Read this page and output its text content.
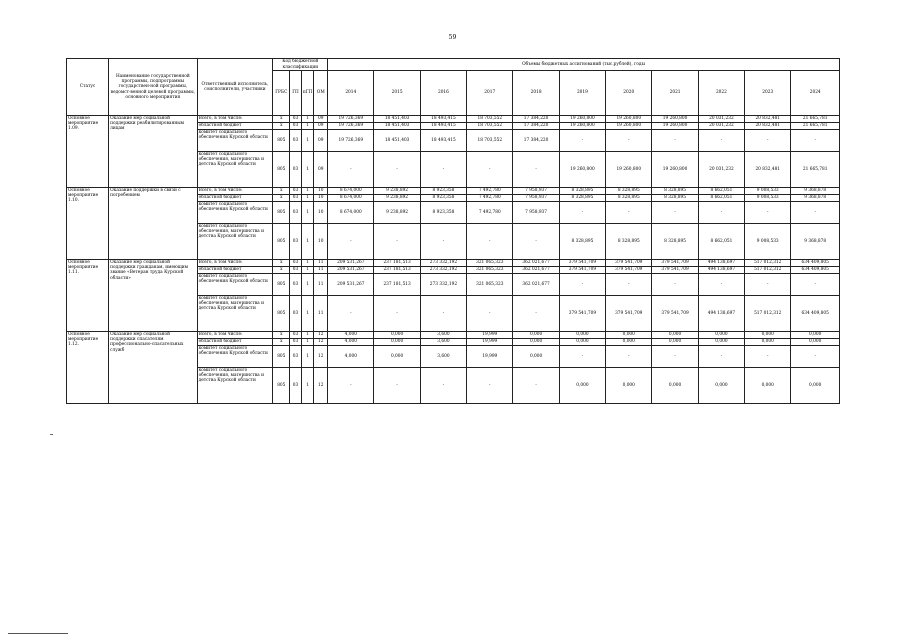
59
Статус	Наименование государственной программы, подпрограммы государствен-ной программы, ведомст-венной целевой программы, основного мероприятия	Ответственный исполнитель, соисполнители, участники	Код бюджетной классификации				Объемы бюджетных ассигнований (тыс.рублей), годы										
			ГРБС	ГП	пГП	ОМ	2014	2015	2016	2017	2018	2019	2020	2021	2022	2023	2024
Основное мероприятие 1.09.	Оказание мер социальной поддержки реабилитированным лицам	Всего, в том числе:	х	03	1	09	19 726,369	18 451,403	18 493,415	18 703,552	17 384,220	19 260,800	19 260,800	19 260,800	20 031,232	20 832,481	21 665,781
		областной бюджет	х	03	1	09	19 726,369	18 451,403	18 493,415	18 703,552	17 384,220	19 260,800	19 260,800	19 260,800	20 031,232	20 832,481	21 665,781
		комитет социального обеспечения Курской области	805	03	1	09	19 726,369	18 451,403	18 493,415	18 703,552	17 384,220	-	-	-	-	-	-
		комитет социального обеспечения, материнства и детства Курской области	805	03	1	09	-	-	-	-	-	19 260,800	19 260,800	19 260,800	20 031,232	20 832,481	21 665,781
Основное мероприятие 1.10.	Оказание поддержки в связи с погребением	Всего, в том числе:	х	03	1	10	8 674,000	9 238,892	8 923,358	7 492,780	7 958,937	8 328,895	8 328,895	8 328,895	8 662,051	9 008,533	9 368,878
		областной бюджет	х	03	1	10	8 674,000	9 238,892	8 923,358	7 492,780	7 958,937	8 328,895	8 328,895	8 328,895	8 662,051	9 008,533	9 368,878
		комитет социального обеспечения Курской области	805	03	1	10	8 674,000	9 238,892	8 923,358	7 492,780	7 958,937	-	-	-	-	-	-
		комитет социального обеспечения, материнства и детства Курской области	805	03	1	10	-	-	-	-	-	8 328,895	8 328,895	8 328,895	8 662,051	9 008,533	9 368,878
Основное мероприятие 1.11.	Оказание мер социальной поддержки гражданам, имеющим звание «Ветеран труда Курской области»	Всего, в том числе:	х	03	1	11	209 531,267	237 181,513	273 332,192	321 065,323	362 021,677	379 541,709	379 541,709	379 541,709	494 138,697	517 012,312	634 409,805
		областной бюджет	х	03	1	11	209 531,267	237 181,513	273 332,192	321 065,323	362 021,677	379 541,709	379 541,709	379 541,709	494 138,697	517 012,312	634 409,805
		комитет социального обеспечения Курской области	805	03	1	11	209 531,267	237 181,513	273 332,192	321 065,323	362 021,677	-	-	-	-	-	-
		комитет социального обеспечения, материнства и детства Курской области	805	03	1	11	-	-	-	-	-	379 541,709	379 541,709	379 541,709	494 138,697	517 012,312	634 409,805
Основное мероприятие 1.12.	Оказание мер социальной поддержки спасателям профессионально-спасательных служб	Всего, в том числе:	х	03	1	12	4,000	0,000	3,600	19,999	0,000	0,000	0,000	0,000	0,000	0,000	0,000
		областной бюджет	х	03	1	12	4,000	0,000	3,600	19,999	0,000	0,000	0,000	0,000	0,000	0,000	0,000
		комитет социального обеспечения Курской области	805	03	1	12	4,000	0,000	3,600	19,999	0,000	-	-	-	-	-	-
		комитет социального обеспечения, материнства и детства Курской области	805	03	1	12	-	-	-	-	-	0,000	0,000	0,000	0,000	0,000	0,000
